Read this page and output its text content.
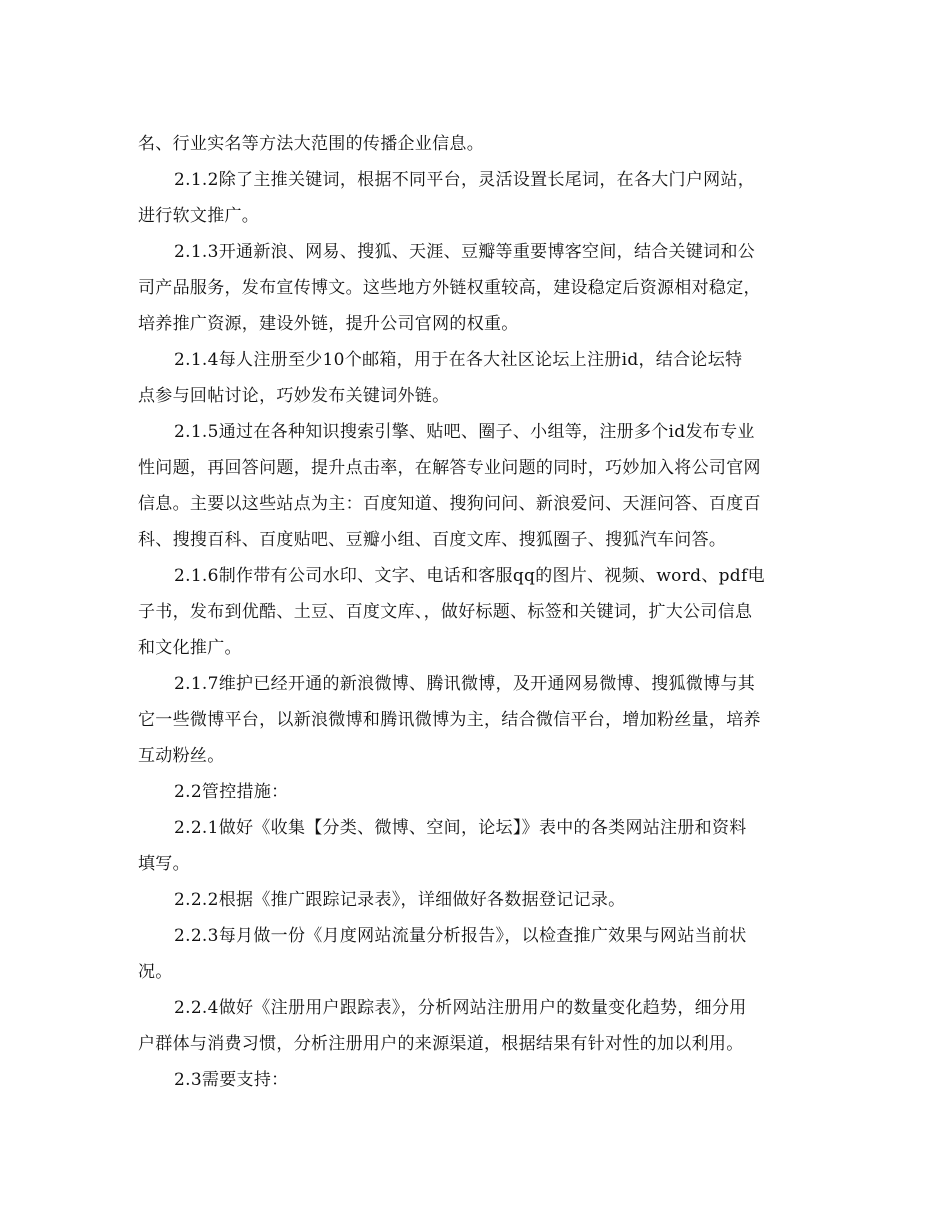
名、行业实名等方法大范围的传播企业信息。

2.1.2除了主推关键词，根据不同平台，灵活设置长尾词，在各大门户网站，
进行软文推广。

2.1.3开通新浪、网易、搜狐、天涯、豆瓣等重要博客空间，结合关键词和公
司产品服务，发布宣传博文。这些地方外链权重较高，建设稳定后资源相对稳定，
培养推广资源，建设外链，提升公司官网的权重。

2.1.4每人注册至少10个邮箱，用于在各大社区论坛上注册id，结合论坛特
点参与回帖讨论，巧妙发布关键词外链。

2.1.5通过在各种知识搜索引擎、贴吧、圈子、小组等，注册多个id发布专业
性问题，再回答问题，提升点击率，在解答专业问题的同时，巧妙加入将公司官网
信息。主要以这些站点为主：百度知道、搜狗问问、新浪爱问、天涯问答、百度百
科、搜搜百科、百度贴吧、豆瓣小组、百度文库、搜狐圈子、搜狐汽车问答。

2.1.6制作带有公司水印、文字、电话和客服qq的图片、视频、word、pdf电
子书，发布到优酷、土豆、百度文库、，做好标题、标签和关键词，扩大公司信息
和文化推广。

2.1.7维护已经开通的新浪微博、腾讯微博，及开通网易微博、搜狐微博与其
它一些微博平台，以新浪微博和腾讯微博为主，结合微信平台，增加粉丝量，培养
互动粉丝。

2.2管控措施：

2.2.1做好《收集【分类、微博、空间，论坛】》表中的各类网站注册和资料
填写。

2.2.2根据《推广跟踪记录表》，详细做好各数据登记记录。

2.2.3每月做一份《月度网站流量分析报告》，以检查推广效果与网站当前状
况。

2.2.4做好《注册用户跟踪表》，分析网站注册用户的数量变化趋势，细分用
户群体与消费习惯，分析注册用户的来源渠道，根据结果有针对性的加以利用。

2.3需要支持：
